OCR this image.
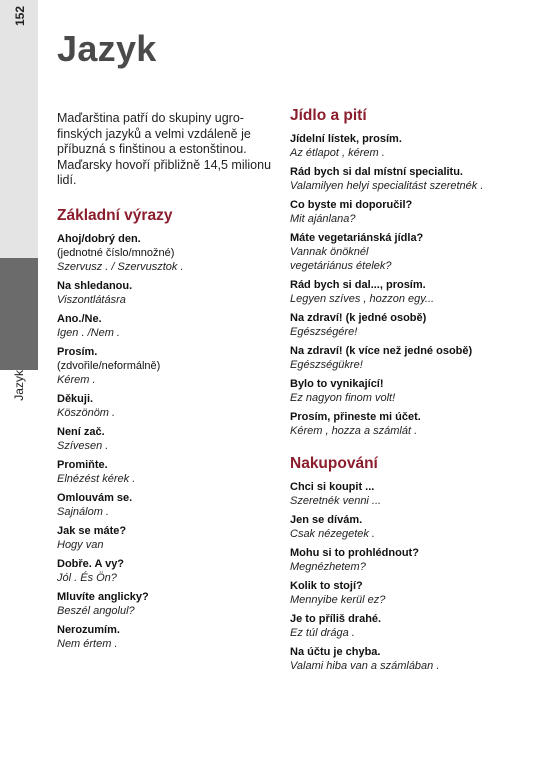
152
Jazyk
Jazyk
Maďarština patří do skupiny ugro-finských jazyků a velmi vzdáleně je příbuzná s finštinou a estonštinou. Maďarsky hovoří přibližně 14,5 milionu lidí.
Základní výrazy
Ahoj/dobrý den.
(jednotné číslo/množné)
Szervusz . / Szervusztok .
Na shledanou.
Viszontlátásra
Ano./Ne.
Igen . /Nem .
Prosím.
(zdvořile/neformálně)
Kérem .
Děkuji.
Köszönöm .
Není zač.
Szívesen .
Promiňte.
Elnézést kérek .
Omlouvám se.
Sajnálom .
Jak se máte?
Hogy van
Dobře. A vy?
Jól . És Ön?
Mluvíte anglicky?
Beszél angolul?
Nerozumím.
Nem értem .
Jídlo a pití
Jídelní lístek, prosím.
Az étlapot , kérem .
Rád bych si dal místní specialitu.
Valamilyen helyi specialitást szeretnék .
Co byste mi doporučil?
Mit ajánlana?
Máte vegetariánská jídla?
Vannak önöknél
vegetáriánus ételek?
Rád bych si dal..., prosím.
Legyen szíves , hozzon egy...
Na zdraví! (k jedné osobě)
Egészségére!
Na zdraví! (k více než jedné osobě)
Egészségükre!
Bylo to vynikající!
Ez nagyon finom volt!
Prosím, přineste mi účet.
Kérem , hozza a számlát .
Nakupování
Chci si koupit ...
Szeretnék venni ...
Jen se dívám.
Csak nézegetek .
Mohu si to prohlédnout?
Megnézhetem?
Kolik to stojí?
Mennyibe kerül ez?
Je to příliš drahé.
Ez túl drága .
Na účtu je chyba.
Valami hiba van a számlában .
